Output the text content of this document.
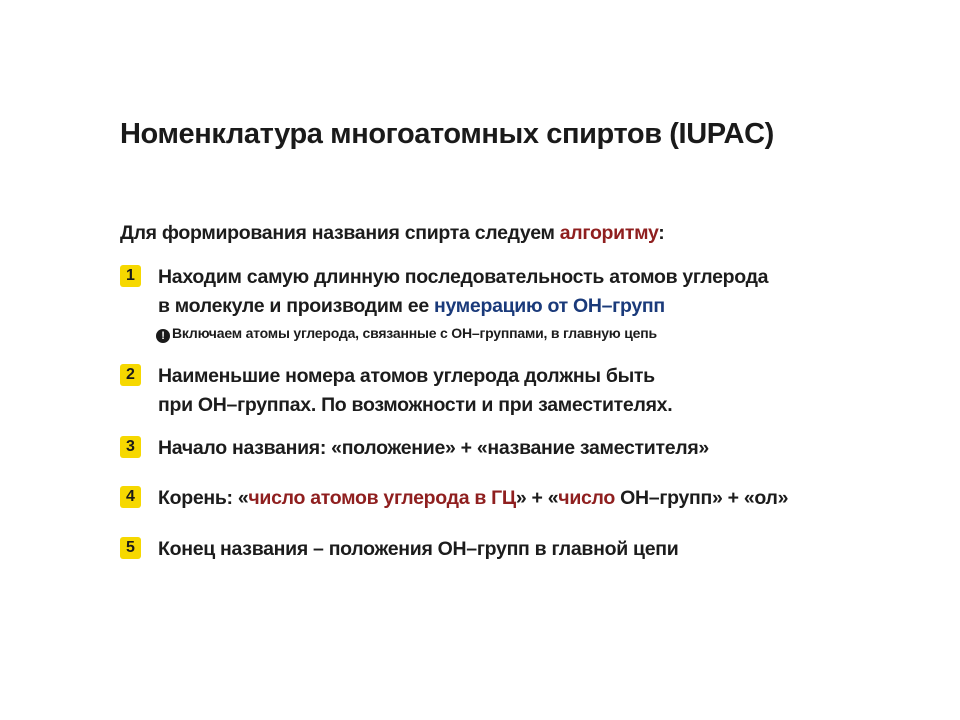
Номенклатура многоатомных спиртов (IUPAC)
Для формирования названия спирта следуем алгоритму:
1	Находим самую длинную последовательность атомов углерода
в молекуле и производим ее нумерацию от ОН–групп
! Включаем атомы углерода, связанные с ОН–группами, в главную цепь
2	Наименьшие номера атомов углерода должны быть
при ОН–группах. По возможности и при заместителях.
3	Начало названия: «положение» + «название заместителя»
4	Корень: «число атомов углерода в ГЦ» + «число ОН–групп» + «ол»
5	Конец названия – положения ОН–групп в главной цепи
